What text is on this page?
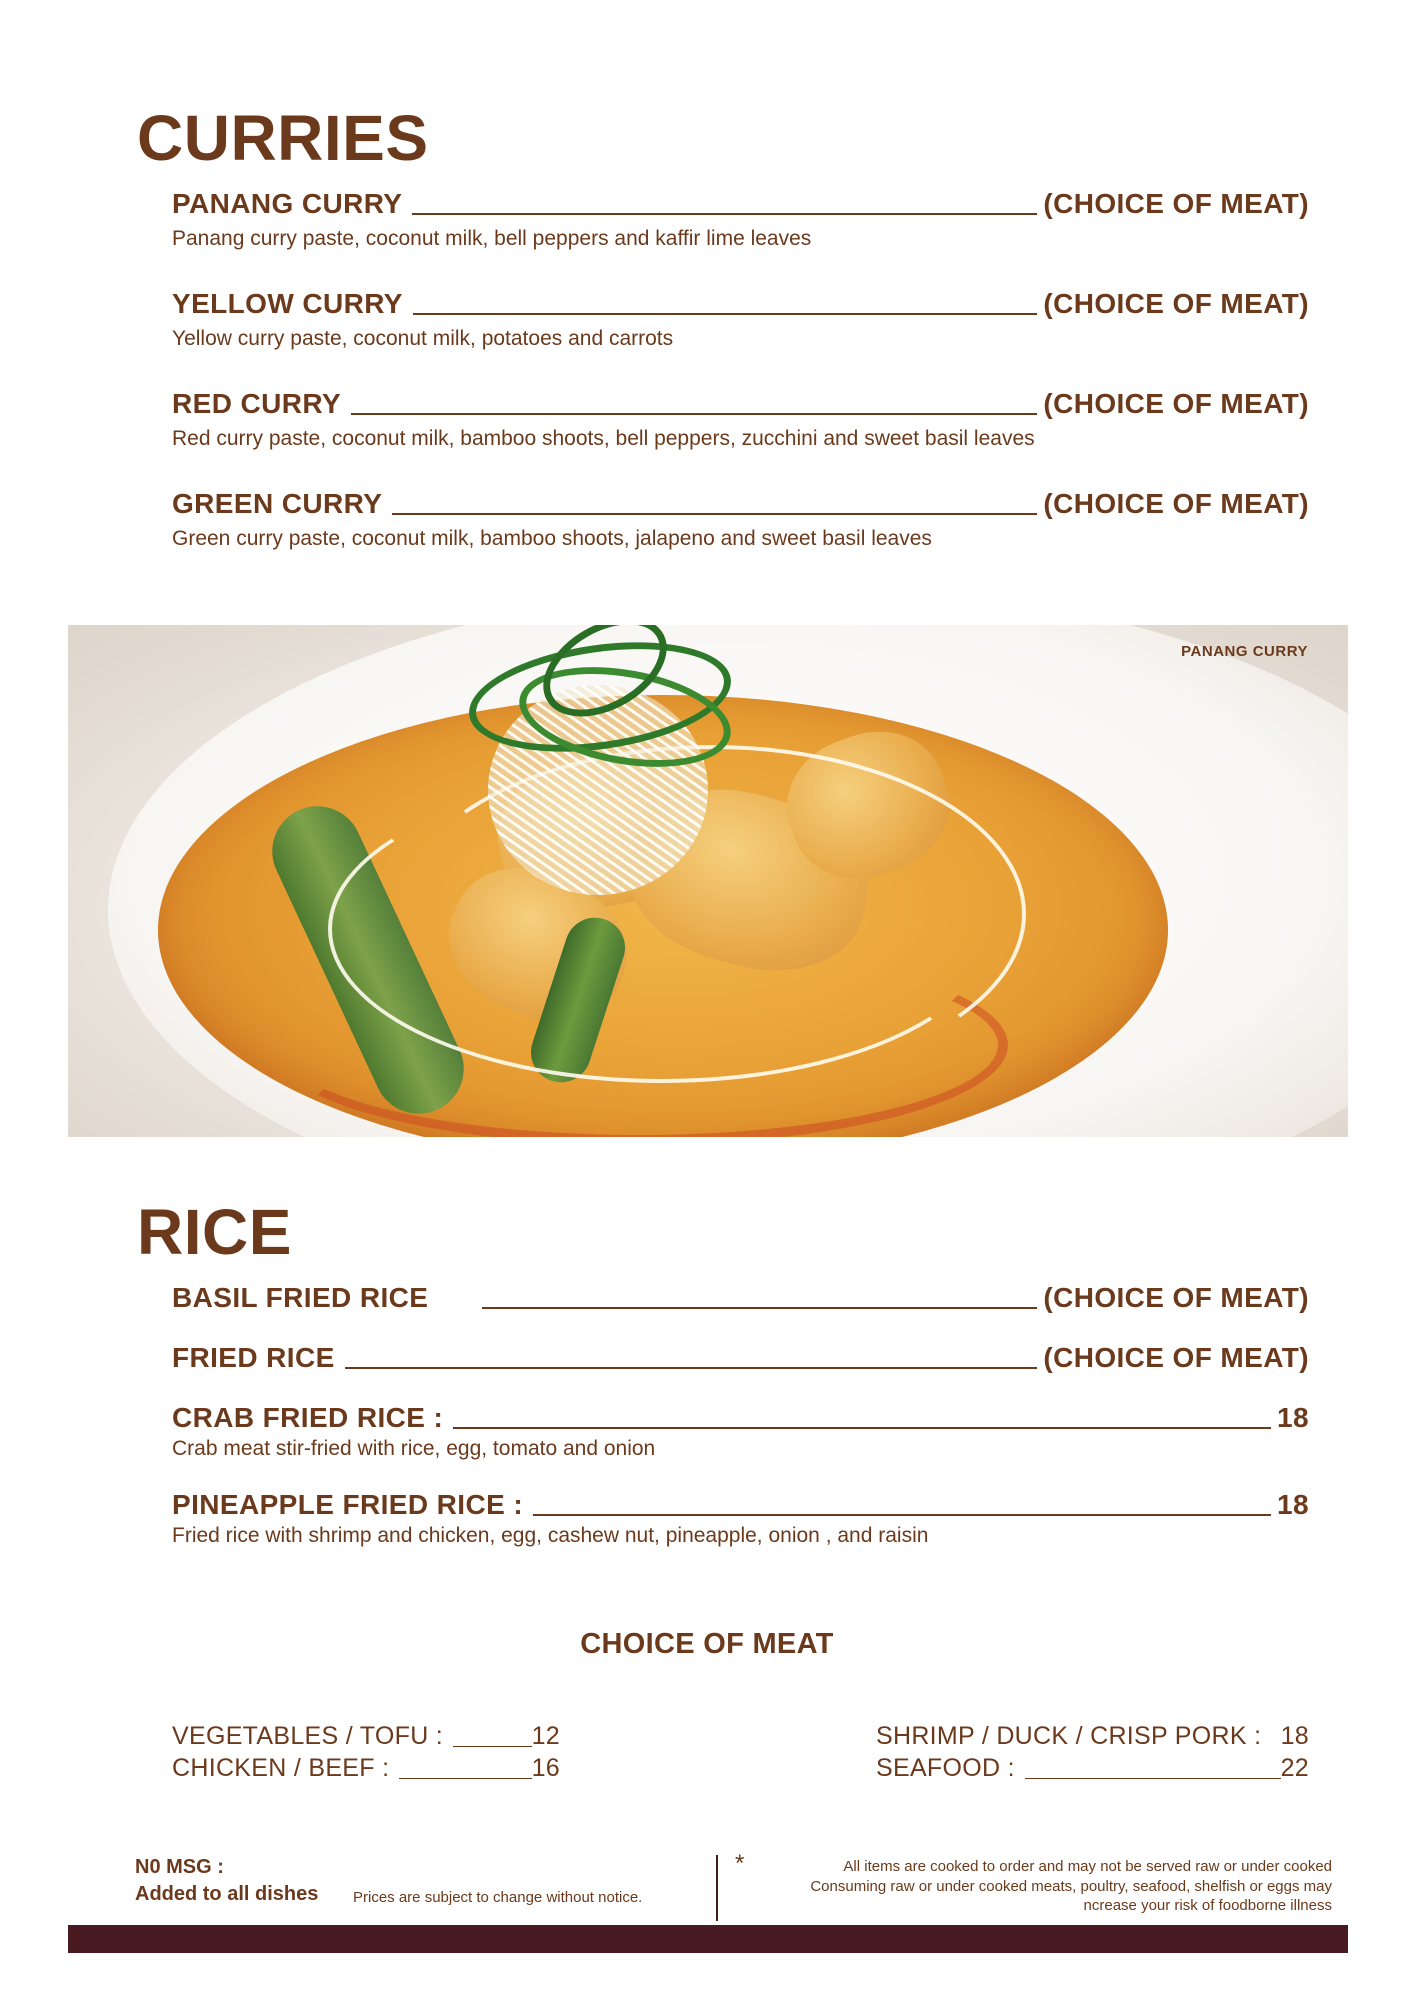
CURRIES
PANANG CURRY	(CHOICE OF MEAT)
Panang curry paste, coconut milk, bell peppers and kaffir lime leaves
YELLOW CURRY	(CHOICE OF MEAT)
Yellow curry paste, coconut milk, potatoes and carrots
RED CURRY	(CHOICE OF MEAT)
Red curry paste, coconut milk, bamboo shoots, bell peppers, zucchini and sweet basil leaves
GREEN CURRY	(CHOICE OF MEAT)
Green curry paste, coconut milk, bamboo shoots, jalapeno and sweet basil leaves
PANANG CURRY
RICE
BASIL FRIED RICE	(CHOICE OF MEAT)
FRIED RICE	(CHOICE OF MEAT)
CRAB FRIED RICE :	18
Crab meat stir-fried with rice, egg, tomato and onion
PINEAPPLE FRIED RICE :	18
Fried rice with shrimp and chicken, egg, cashew nut, pineapple, onion , and raisin
CHOICE OF MEAT
VEGETABLES / TOFU :	12
CHICKEN / BEEF :	16
SHRIMP / DUCK / CRISP PORK : 18
SEAFOOD :	22
N0 MSG :
Added to all dishes Prices are subject to change without notice.
*	All items are cooked to order and may not be served raw or under cooked
Consuming raw or under cooked meats, poultry, seafood, shelfish or eggs may
ncrease your risk of foodborne illness
